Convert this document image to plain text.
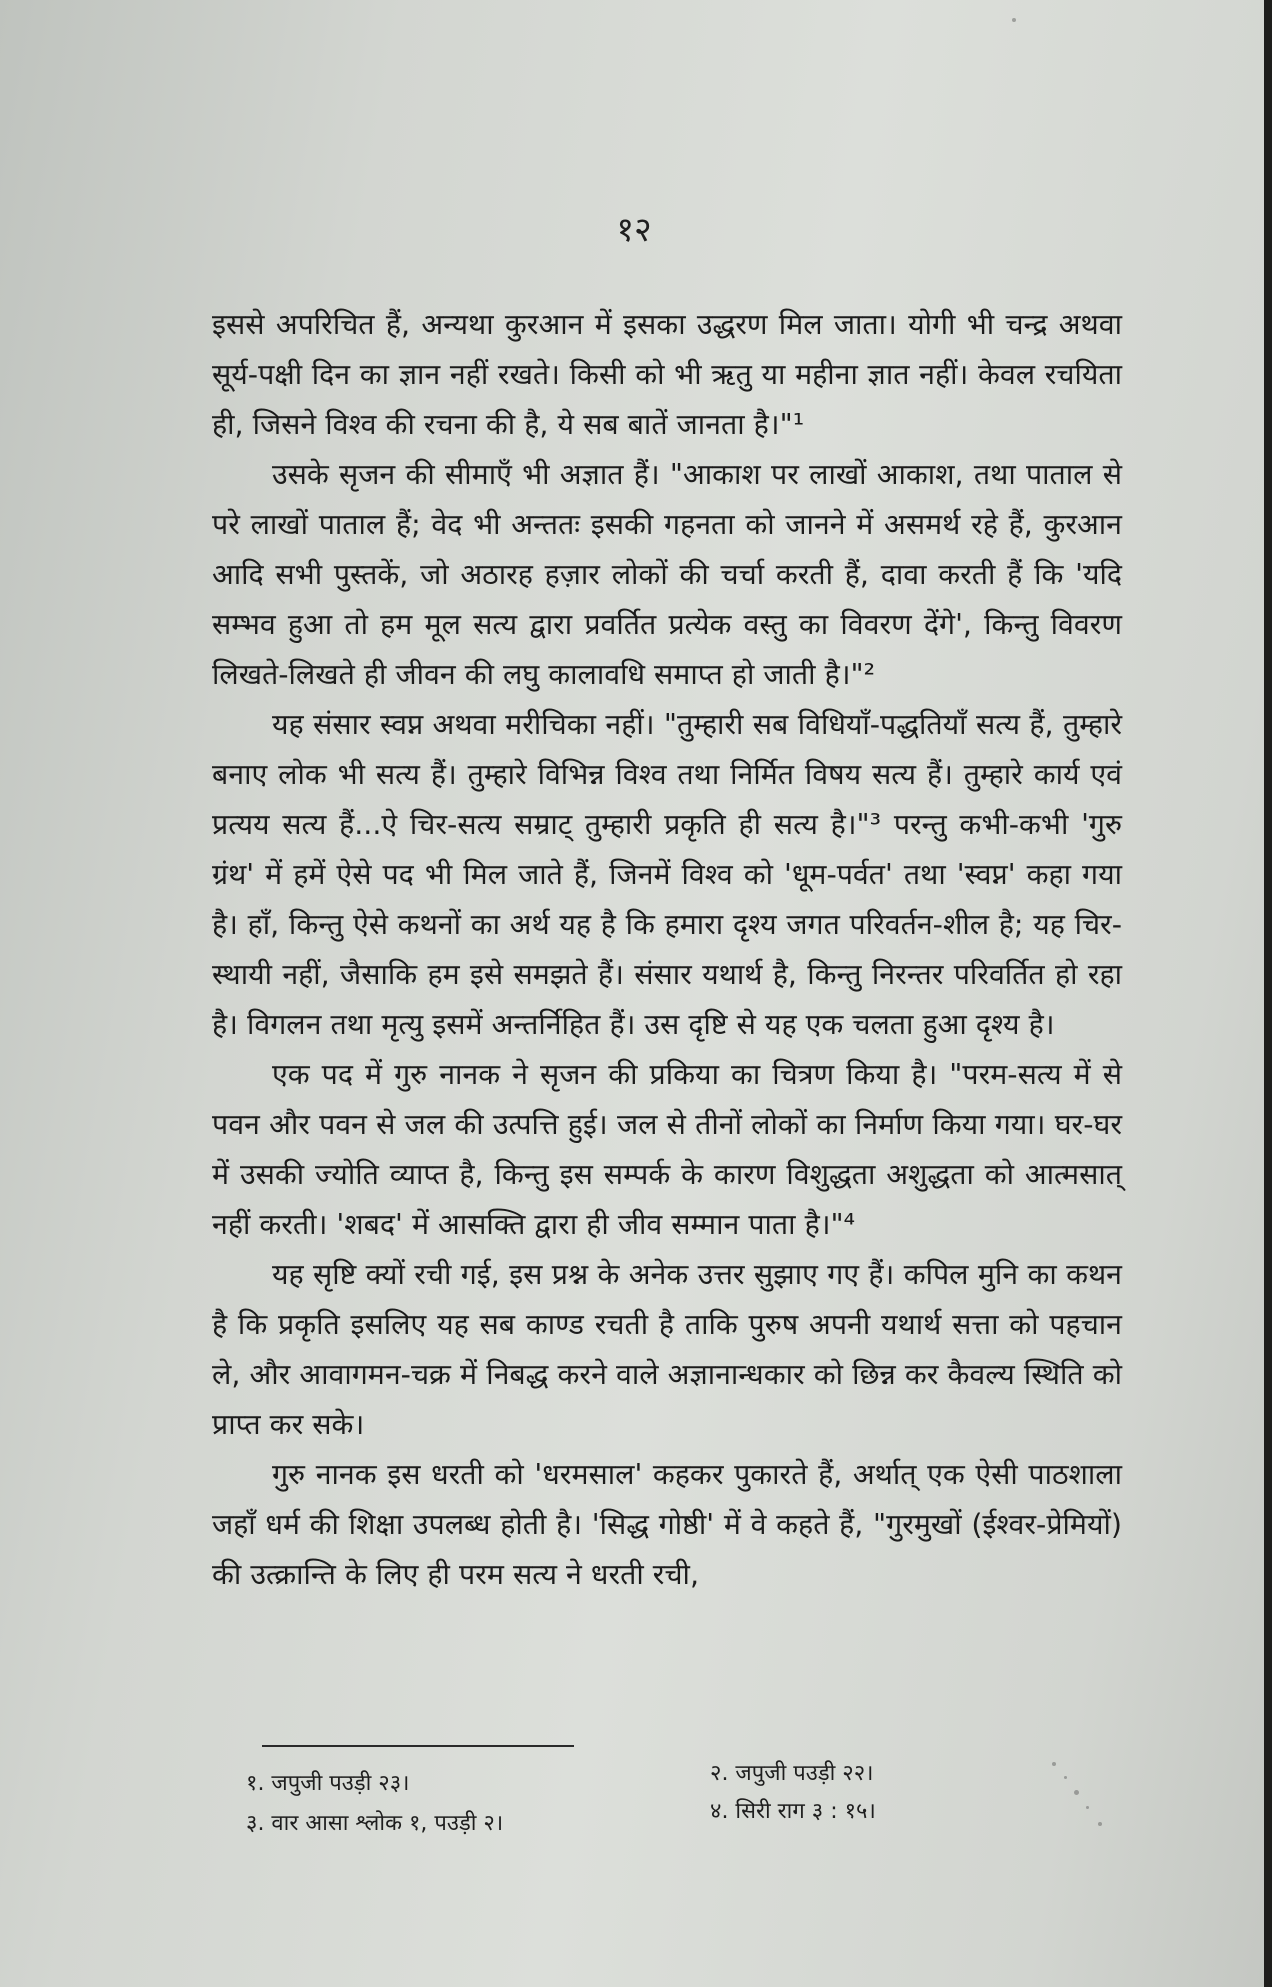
१२

इससे अपरिचित हैं, अन्यथा कुरआन में इसका उद्धरण मिल जाता। योगी भी चन्द्र अथवा सूर्य-पक्षी दिन का ज्ञान नहीं रखते। किसी को भी ऋतु या महीना ज्ञात नहीं। केवल रचयिता ही, जिसने विश्व की रचना की है, ये सब बातें जानता है।"¹

उसके सृजन की सीमाएँ भी अज्ञात हैं। "आकाश पर लाखों आकाश, तथा पाताल से परे लाखों पाताल हैं; वेद भी अन्ततः इसकी गहनता को जानने में असमर्थ रहे हैं, कुरआन आदि सभी पुस्तकें, जो अठारह हज़ार लोकों की चर्चा करती हैं, दावा करती हैं कि 'यदि सम्भव हुआ तो हम मूल सत्य द्वारा प्रवर्तित प्रत्येक वस्तु का विवरण देंगे', किन्तु विवरण लिखते-लिखते ही जीवन की लघु कालावधि समाप्त हो जाती है।"²

यह संसार स्वप्न अथवा मरीचिका नहीं। "तुम्हारी सब विधियाँ-पद्धतियाँ सत्य हैं, तुम्हारे बनाए लोक भी सत्य हैं। तुम्हारे विभिन्न विश्व तथा निर्मित विषय सत्य हैं। तुम्हारे कार्य एवं प्रत्यय सत्य हैं...ऐ चिर-सत्य सम्राट् तुम्हारी प्रकृति ही सत्य है।"³ परन्तु कभी-कभी 'गुरु ग्रंथ' में हमें ऐसे पद भी मिल जाते हैं, जिनमें विश्व को 'धूम-पर्वत' तथा 'स्वप्न' कहा गया है। हाँ, किन्तु ऐसे कथनों का अर्थ यह है कि हमारा दृश्य जगत परिवर्तन-शील है; यह चिर-स्थायी नहीं, जैसाकि हम इसे समझते हैं। संसार यथार्थ है, किन्तु निरन्तर परिवर्तित हो रहा है। विगलन तथा मृत्यु इसमें अन्तर्निहित हैं। उस दृष्टि से यह एक चलता हुआ दृश्य है।

एक पद में गुरु नानक ने सृजन की प्रकिया का चित्रण किया है। "परम-सत्य में से पवन और पवन से जल की उत्पत्ति हुई। जल से तीनों लोकों का निर्माण किया गया। घर-घर में उसकी ज्योति व्याप्त है, किन्तु इस सम्पर्क के कारण विशुद्धता अशुद्धता को आत्मसात् नहीं करती। 'शबद' में आसक्ति द्वारा ही जीव सम्मान पाता है।"⁴

यह सृष्टि क्यों रची गई, इस प्रश्न के अनेक उत्तर सुझाए गए हैं। कपिल मुनि का कथन है कि प्रकृति इसलिए यह सब काण्ड रचती है ताकि पुरुष अपनी यथार्थ सत्ता को पहचान ले, और आवागमन-चक्र में निबद्ध करने वाले अज्ञानान्धकार को छिन्न कर कैवल्य स्थिति को प्राप्त कर सके।

गुरु नानक इस धरती को 'धरमसाल' कहकर पुकारते हैं, अर्थात् एक ऐसी पाठशाला जहाँ धर्म की शिक्षा उपलब्ध होती है। 'सिद्ध गोष्ठी' में वे कहते हैं, "गुरमुखों (ईश्वर-प्रेमियों) की उत्क्रान्ति के लिए ही परम सत्य ने धरती रची,

१. जपुजी पउड़ी २३।	२. जपुजी पउड़ी २२।
३. वार आसा श्लोक १, पउड़ी २।	४. सिरी राग ३ : १५।
